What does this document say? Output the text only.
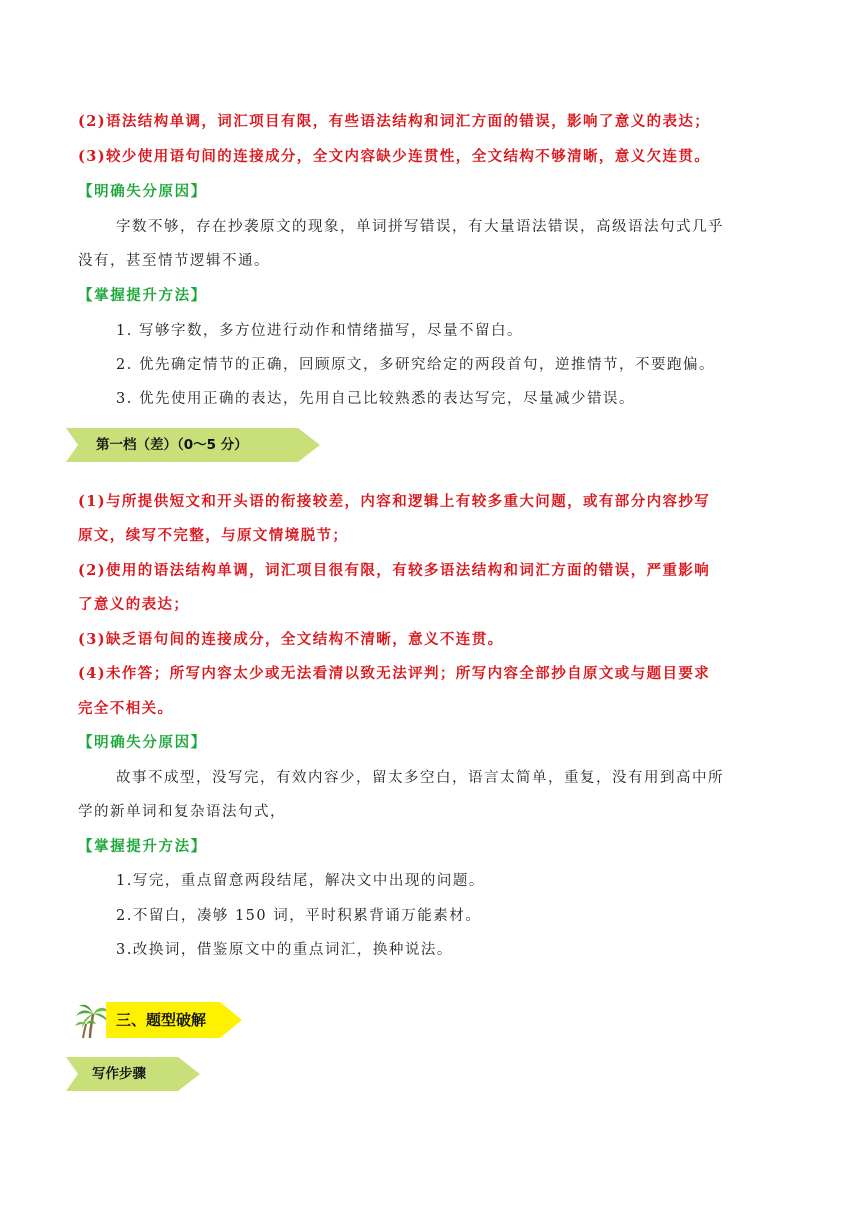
(2)语法结构单调，词汇项目有限，有些语法结构和词汇方面的错误，影响了意义的表达；
(3)较少使用语句间的连接成分，全文内容缺少连贯性，全文结构不够清晰，意义欠连贯。
【明确失分原因】
字数不够，存在抄袭原文的现象，单词拼写错误，有大量语法错误，高级语法句式几乎
没有，甚至情节逻辑不通。
【掌握提升方法】
1. 写够字数，多方位进行动作和情绪描写，尽量不留白。
2. 优先确定情节的正确，回顾原文，多研究给定的两段首句，逆推情节，不要跑偏。
3. 优先使用正确的表达，先用自己比较熟悉的表达写完，尽量减少错误。
第一档（差）（0～5 分）
(1)与所提供短文和开头语的衔接较差，内容和逻辑上有较多重大问题，或有部分内容抄写
原文，续写不完整，与原文情境脱节；
(2)使用的语法结构单调，词汇项目很有限，有较多语法结构和词汇方面的错误，严重影响
了意义的表达；
(3)缺乏语句间的连接成分，全文结构不清晰，意义不连贯。
(4)未作答；所写内容太少或无法看清以致无法评判；所写内容全部抄自原文或与题目要求
完全不相关。
【明确失分原因】
故事不成型，没写完，有效内容少，留太多空白，语言太简单，重复，没有用到高中所
学的新单词和复杂语法句式，
【掌握提升方法】
1.写完，重点留意两段结尾，解决文中出现的问题。
2.不留白，凑够 150 词，平时积累背诵万能素材。
3.改换词，借鉴原文中的重点词汇，换种说法。
三、题型破解
写作步骤
